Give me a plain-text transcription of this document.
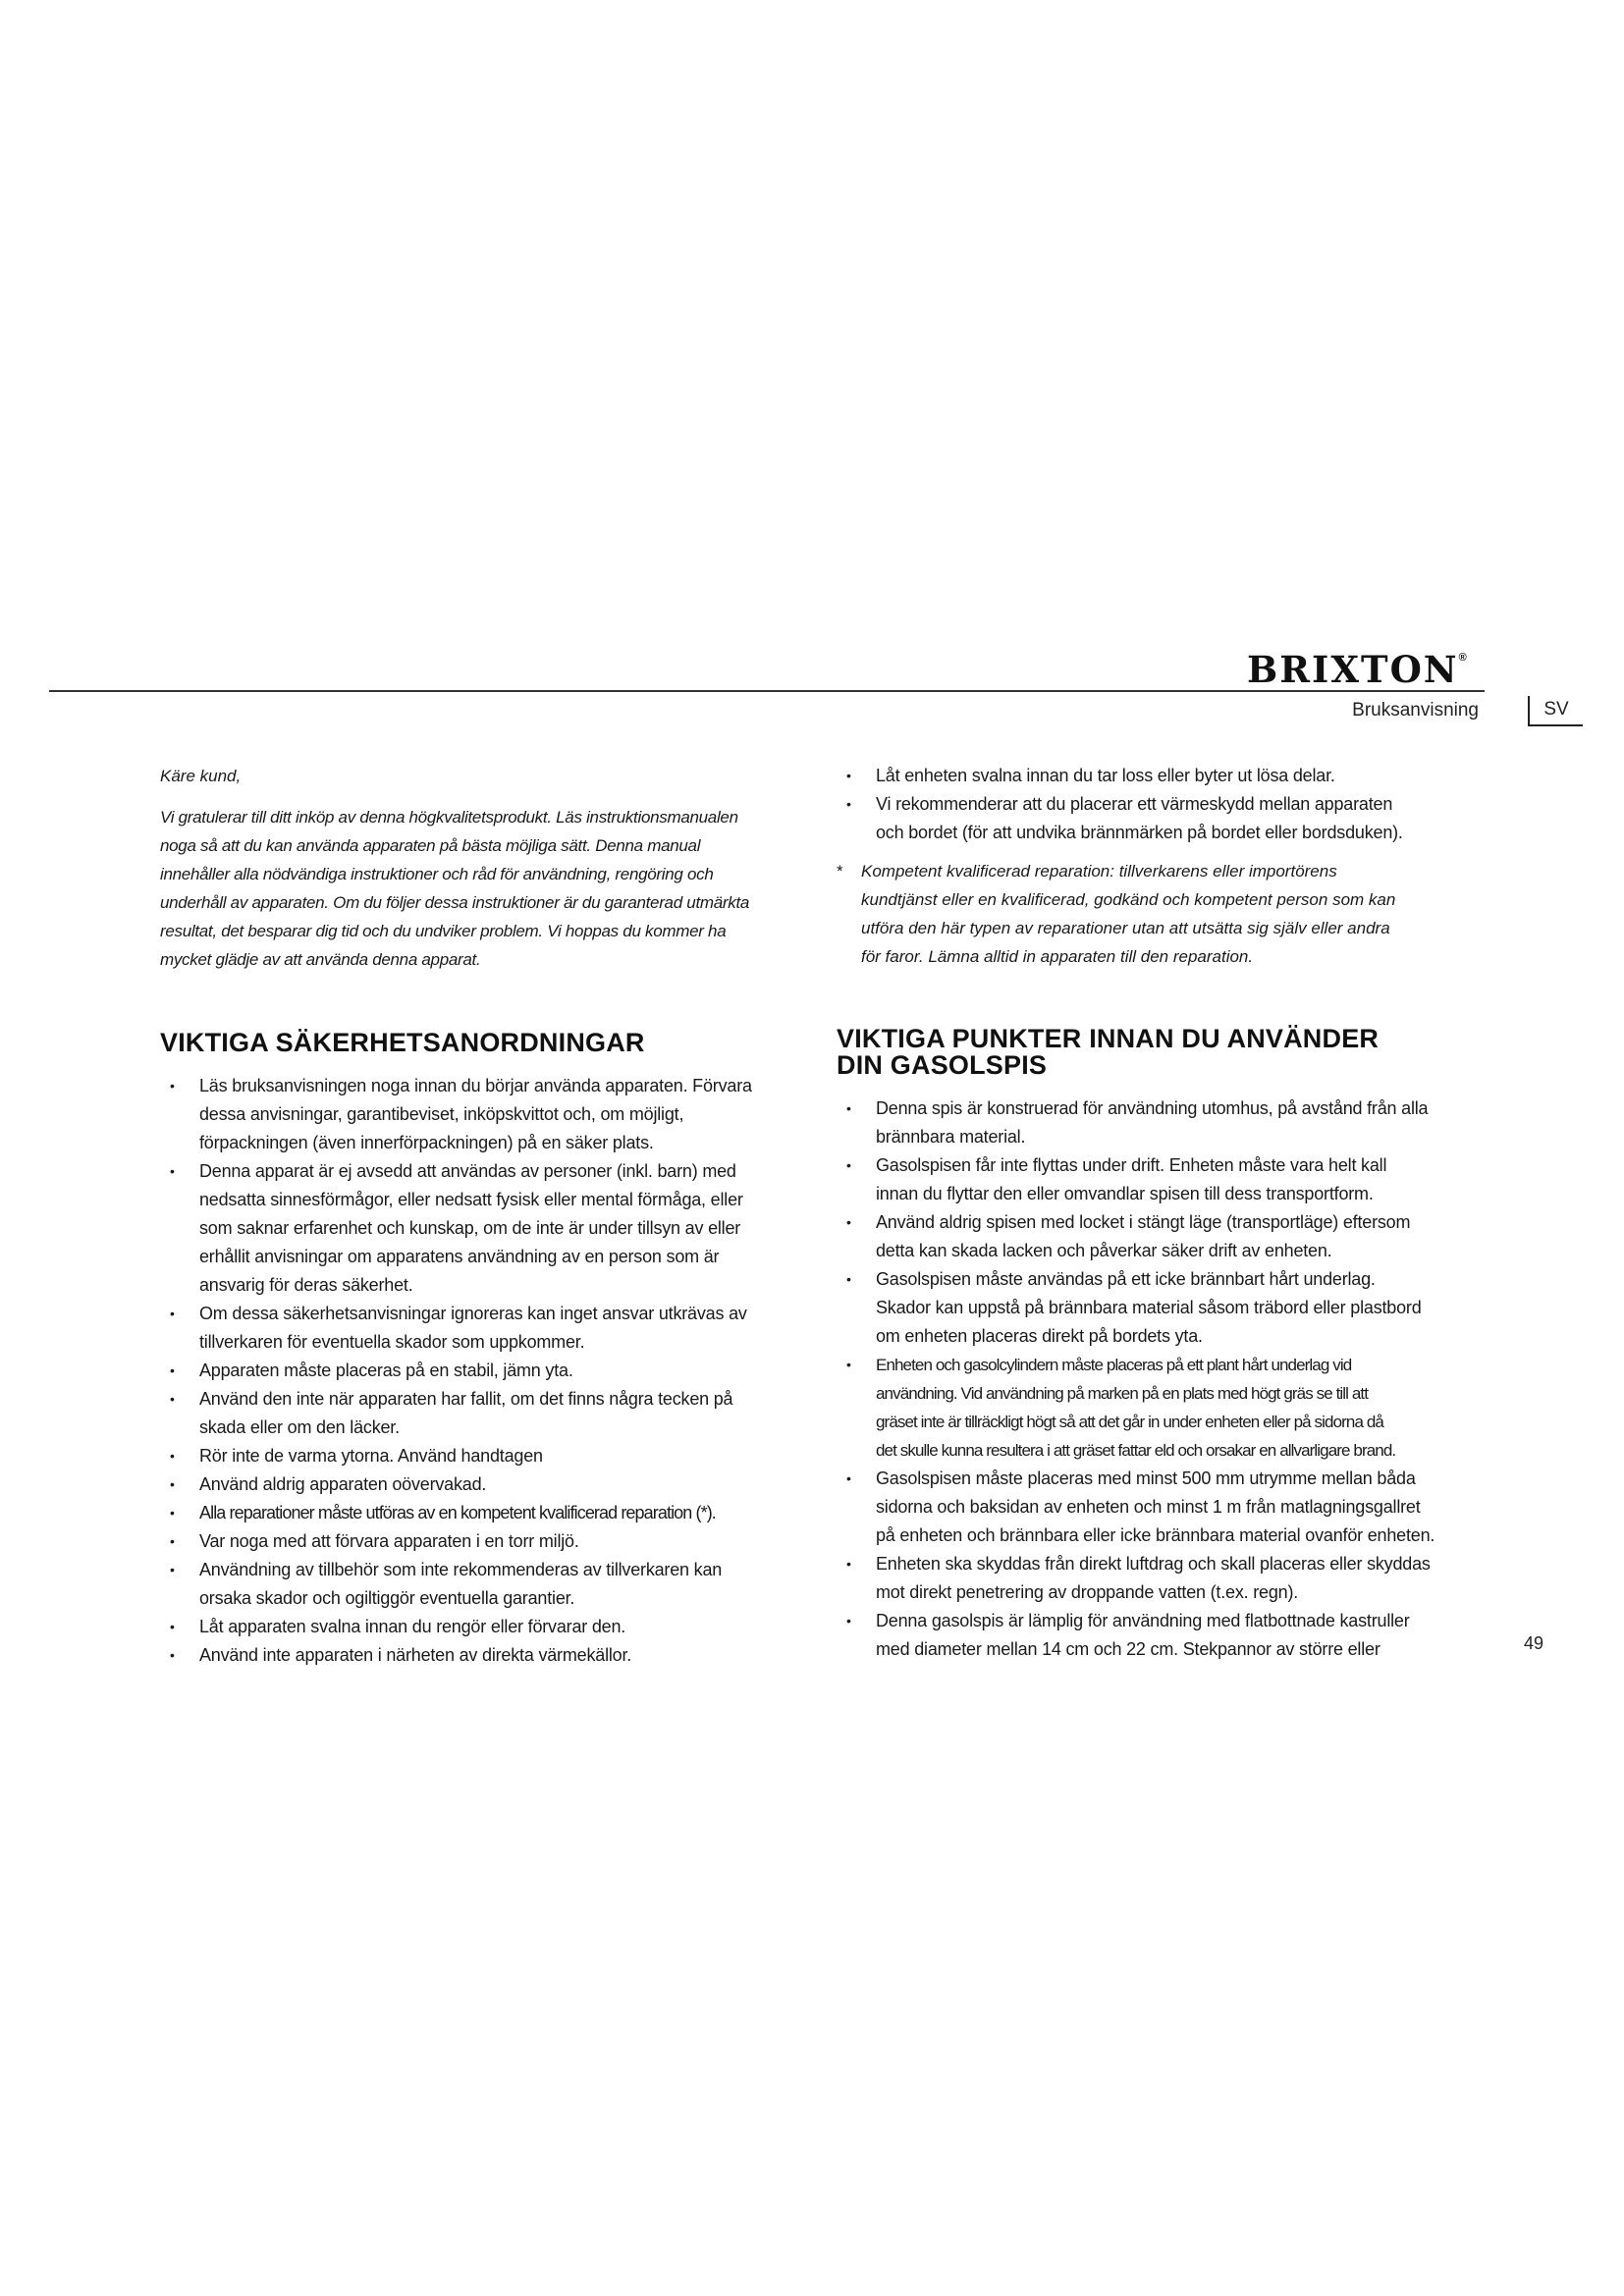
BRIXTON®
Bruksanvisning	SV

Käre kund,

Vi gratulerar till ditt inköp av denna högkvalitetsprodukt. Läs instruktionsmanualen
noga så att du kan använda apparaten på bästa möjliga sätt. Denna manual
innehåller alla nödvändiga instruktioner och råd för användning, rengöring och
underhåll av apparaten. Om du följer dessa instruktioner är du garanterad utmärkta
resultat, det besparar dig tid och du undviker problem. Vi hoppas du kommer ha
mycket glädje av att använda denna apparat.

VIKTIGA SÄKERHETSANORDNINGAR
• Läs bruksanvisningen noga innan du börjar använda apparaten. Förvara
dessa anvisningar, garantibeviset, inköpskvittot och, om möjligt,
förpackningen (även innerförpackningen) på en säker plats.
• Denna apparat är ej avsedd att användas av personer (inkl. barn) med
nedsatta sinnesförmågor, eller nedsatt fysisk eller mental förmåga, eller
som saknar erfarenhet och kunskap, om de inte är under tillsyn av eller
erhållit anvisningar om apparatens användning av en person som är
ansvarig för deras säkerhet.
• Om dessa säkerhetsanvisningar ignoreras kan inget ansvar utkrävas av
tillverkaren för eventuella skador som uppkommer.
• Apparaten måste placeras på en stabil, jämn yta.
• Använd den inte när apparaten har fallit, om det finns några tecken på
skada eller om den läcker.
• Rör inte de varma ytorna. Använd handtagen
• Använd aldrig apparaten oövervakad.
• Alla reparationer måste utföras av en kompetent kvalificerad reparation (*).
• Var noga med att förvara apparaten i en torr miljö.
• Användning av tillbehör som inte rekommenderas av tillverkaren kan
orsaka skador och ogiltiggör eventuella garantier.
• Låt apparaten svalna innan du rengör eller förvarar den.
• Använd inte apparaten i närheten av direkta värmekällor.
• Låt enheten svalna innan du tar loss eller byter ut lösa delar.
• Vi rekommenderar att du placerar ett värmeskydd mellan apparaten
och bordet (för att undvika brännmärken på bordet eller bordsduken).
* Kompetent kvalificerad reparation: tillverkarens eller importörens
kundtjänst eller en kvalificerad, godkänd och kompetent person som kan
utföra den här typen av reparationer utan att utsätta sig själv eller andra
för faror. Lämna alltid in apparaten till den reparation.
VIKTIGA PUNKTER INNAN DU ANVÄNDER
DIN GASOLSPIS
• Denna spis är konstruerad för användning utomhus, på avstånd från alla
brännbara material.
• Gasolspisen får inte flyttas under drift. Enheten måste vara helt kall
innan du flyttar den eller omvandlar spisen till dess transportform.
• Använd aldrig spisen med locket i stängt läge (transportläge) eftersom
detta kan skada lacken och påverkar säker drift av enheten.
• Gasolspisen måste användas på ett icke brännbart hårt underlag.
Skador kan uppstå på brännbara material såsom träbord eller plastbord
om enheten placeras direkt på bordets yta.
• Enheten och gasolcylindern måste placeras på ett plant hårt underlag vid
användning. Vid användning på marken på en plats med högt gräs se till att
gräset inte är tillräckligt högt så att det går in under enheten eller på sidorna då
det skulle kunna resultera i att gräset fattar eld och orsakar en allvarligare brand.
• Gasolspisen måste placeras med minst 500 mm utrymme mellan båda
sidorna och baksidan av enheten och minst 1 m från matlagningsgallret
på enheten och brännbara eller icke brännbara material ovanför enheten.
• Enheten ska skyddas från direkt luftdrag och skall placeras eller skyddas
mot direkt penetrering av droppande vatten (t.ex. regn).
• Denna gasolspis är lämplig för användning med flatbottnade kastruller
med diameter mellan 14 cm och 22 cm. Stekpannor av större eller	49
